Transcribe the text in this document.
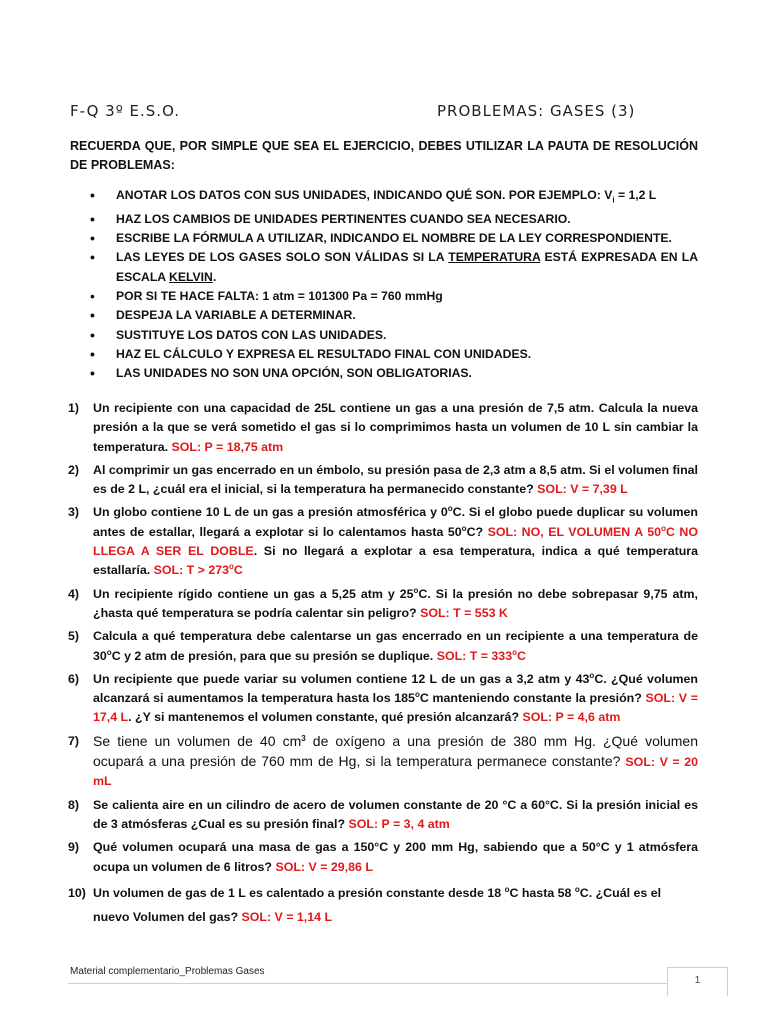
F-Q 3º E.S.O.	PROBLEMAS: GASES (3)
RECUERDA QUE, POR SIMPLE QUE SEA EL EJERCICIO, DEBES UTILIZAR LA PAUTA DE RESOLUCIÓN DE PROBLEMAS:
• ANOTAR LOS DATOS CON SUS UNIDADES, INDICANDO QUÉ SON. POR EJEMPLO: $V_i = 1,2$ L
• HAZ LOS CAMBIOS DE UNIDADES PERTINENTES CUANDO SEA NECESARIO.
• ESCRIBE LA FÓRMULA A UTILIZAR, INDICANDO EL NOMBRE DE LA LEY CORRESPONDIENTE.
• LAS LEYES DE LOS GASES SOLO SON VÁLIDAS SI LA TEMPERATURA ESTÁ EXPRESADA EN LA ESCALA KELVIN.
• POR SI TE HACE FALTA: 1 atm = 101300 Pa = 760 mmHg
• DESPEJA LA VARIABLE A DETERMINAR.
• SUSTITUYE LOS DATOS CON LAS UNIDADES.
• HAZ EL CÁLCULO Y EXPRESA EL RESULTADO FINAL CON UNIDADES.
• LAS UNIDADES NO SON UNA OPCIÓN, SON OBLIGATORIAS.
1) Un recipiente con una capacidad de 25L contiene un gas a una presión de 7,5 atm. Calcula la nueva presión a la que se verá sometido el gas si lo comprimimos hasta un volumen de 10 L sin cambiar la temperatura. SOL: P = 18,75 atm
2) Al comprimir un gas encerrado en un émbolo, su presión pasa de 2,3 atm a 8,5 atm. Si el volumen final es de 2 L, ¿cuál era el inicial, si la temperatura ha permanecido constante? SOL: V = 7,39 L
3) Un globo contiene 10 L de un gas a presión atmosférica y 0$^o$C. Si el globo puede duplicar su volumen antes de estallar, llegará a explotar si lo calentamos hasta 50$^o$C? SOL: NO, EL VOLUMEN A 50$^o$C NO LLEGA A SER EL DOBLE. Si no llegará a explotar a esa temperatura, indica a qué temperatura estallaría. SOL: $T > 273^oC$
4) Un recipiente rígido contiene un gas a 5,25 atm y 25$^o$C. Si la presión no debe sobrepasar 9,75 atm, ¿hasta qué temperatura se podría calentar sin peligro? SOL: T = 553 K
5) Calcula a qué temperatura debe calentarse un gas encerrado en un recipiente a una temperatura de 30$^o$C y 2 atm de presión, para que su presión se duplique. SOL: $T = 333^oC$
6) Un recipiente que puede variar su volumen contiene 12 L de un gas a 3,2 atm y 43$^o$C. ¿Qué volumen alcanzará si aumentamos la temperatura hasta los 185$^o$C manteniendo constante la presión? SOL: V = 17,4 L. ¿Y si mantenemos el volumen constante, qué presión alcanzará? SOL: P = 4,6 atm
7) Se tiene un volumen de 40 $cm^3$ de oxígeno a una presión de 380 mm Hg. ¿Qué volumen ocupará a una presión de 760 mm de Hg, si la temperatura permanece constante? SOL: V = 20 mL
8) Se calienta aire en un cilindro de acero de volumen constante de 20 °C a 60°C. Si la presión inicial es de 3 atmósferas ¿Cual es su presión final? SOL: P = 3, 4 atm
9) Qué volumen ocupará una masa de gas a 150°C y 200 mm Hg, sabiendo que a 50°C y 1 atmósfera ocupa un volumen de 6 litros? SOL: V = 29,86 L
10) Un volumen de gas de 1 L es calentado a presión constante desde 18 $^o$C hasta 58 $^o$C. ¿Cuál es el nuevo Volumen del gas? SOL: V = 1,14 L
Material complementario_Problemas Gases
1
